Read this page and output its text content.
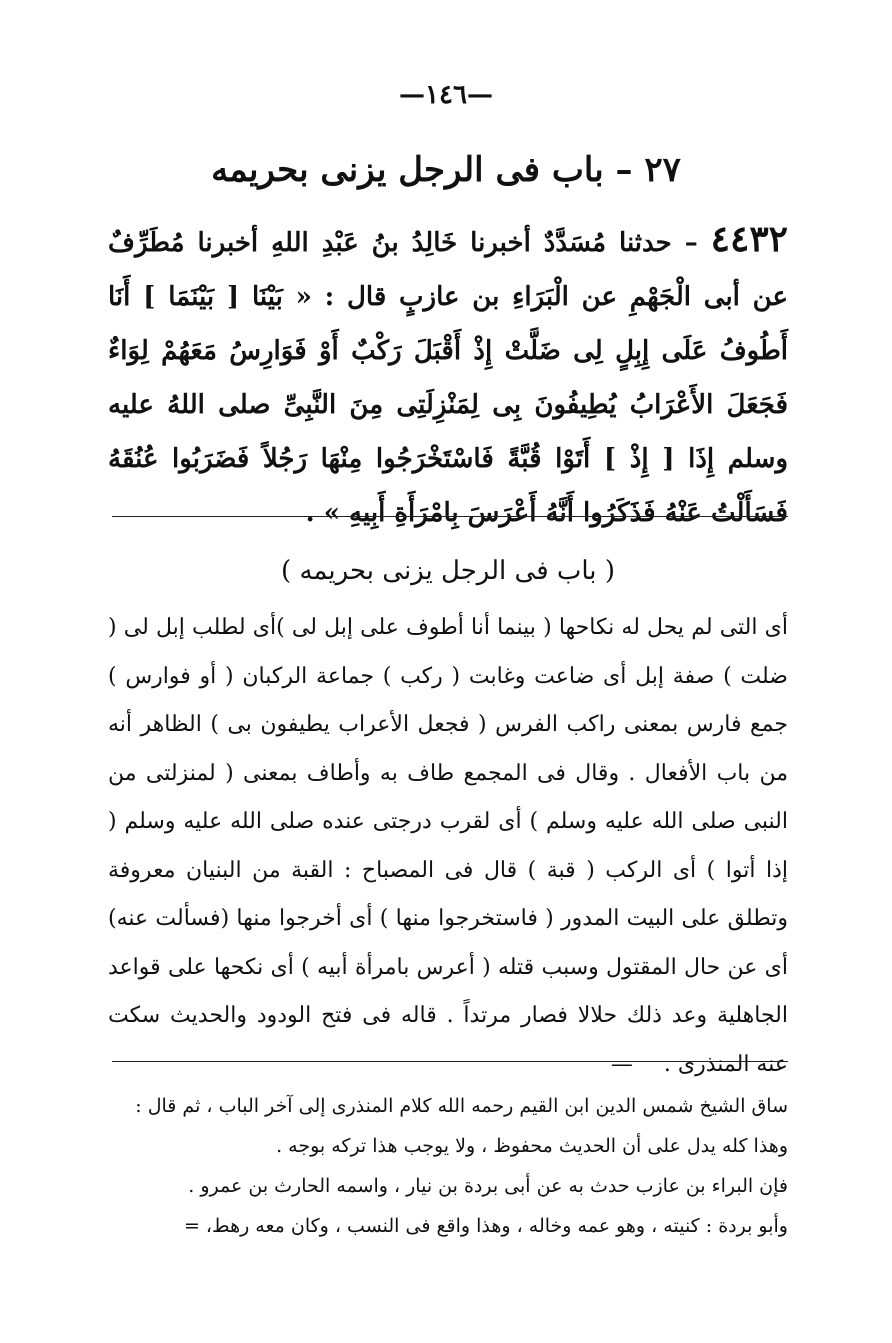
—١٤٦—
٢٧ – باب فى الرجل يزنى بحريمه
٤٤٣٢ – حدثنا مُسَدَّدٌ أخبرنا خَالِدُ بنُ عَبْدِ اللهِ أخبرنا مُطَرِّفٌ عن أبى الْجَهْمِ عن الْبَرَاءِ بن عازبٍ قال : « بَيْنَا [ بَيْنَمَا ] أَنَا أَطُوفُ عَلَى إِبِلٍ لِى ضَلَّتْ إِذْ أَقْبَلَ رَكْبٌ أَوْ فَوَارِسُ مَعَهُمْ لِوَاءٌ فَجَعَلَ الأَعْرَابُ يُطِيفُونَ بِى لِمَنْزِلَتِى مِنَ النَّبِىِّ صلى اللهُ عليه وسلم إِذَا [ إِذْ ] أَتَوْا قُبَّةً فَاسْتَخْرَجُوا مِنْهَا رَجُلاً فَضَرَبُوا عُنُقَهُ فَسَأَلْتُ عَنْهُ فَذَكَرُوا أَنَّهُ أَعْرَسَ بِامْرَأَةِ أَبِيهِ » .
( باب فى الرجل يزنى بحريمه )
أى التى لم يحل له نكاحها ( بينما أنا أطوف على إبل لى )أى لطلب إبل لى ( ضلت ) صفة إبل أى ضاعت وغابت ( ركب ) جماعة الركبان ( أو فوارس ) جمع فارس بمعنى راكب الفرس ( فجعل الأعراب يطيفون بى ) الظاهر أنه من باب الأفعال . وقال فى المجمع طاف به وأطاف بمعنى ( لمنزلتى من النبى صلى الله عليه وسلم ) أى لقرب درجتى عنده صلى الله عليه وسلم ( إذا أتوا ) أى الركب ( قبة ) قال فى المصباح : القبة من البنيان معروفة وتطلق على البيت المدور ( فاستخرجوا منها ) أى أخرجوا منها (فسألت عنه) أى عن حال المقتول وسبب قتله ( أعرس بامرأة أبيه ) أى نكحها على قواعد الجاهلية وعد ذلك حلالا فصار مرتداً . قاله فى فتح الودود والحديث سكت عنه المنذرى . —
ساق الشيخ شمس الدين ابن القيم رحمه الله كلام المنذرى إلى آخر الباب ، ثم قال :
وهذا كله يدل على أن الحديث محفوظ ، ولا يوجب هذا تركه بوجه .
فإن البراء بن عازب حدث به عن أبى بردة بن نيار ، واسمه الحارث بن عمرو .
وأبو بردة : كنيته ، وهو عمه وخاله ، وهذا واقع فى النسب ، وكان معه رهط، =
